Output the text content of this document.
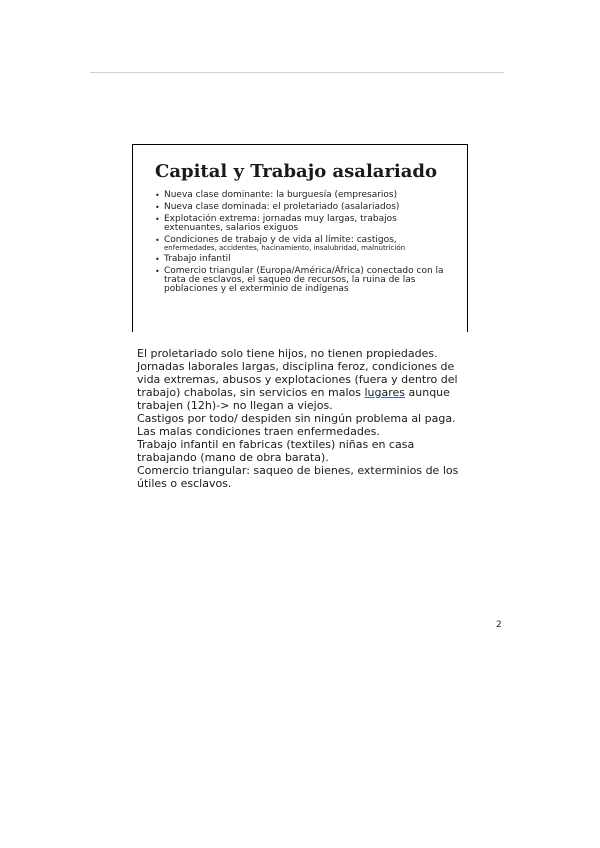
Capital y Trabajo asalariado
• Nueva clase dominante: la burguesía (empresarios)
• Nueva clase dominada: el proletariado (asalariados)
• Explotación extrema: jornadas muy largas, trabajos extenuantes, salarios exiguos
• Condiciones de trabajo y de vida al límite: castigos,
enfermedades, accidentes, hacinamiento, insalubridad, malnutrición
• Trabajo infantil
• Comercio triangular (Europa/América/África) conectado con la trata de esclavos, el saqueo de recursos, la ruina de las poblaciones y el exterminio de indígenas

El proletariado solo tiene hijos, no tienen propiedades.

Jornadas laborales largas, disciplina feroz, condiciones de vida extremas, abusos y explotaciones (fuera y dentro del trabajo) chabolas, sin servicios en malos lugares aunque trabajen (12h)-> no llegan a viejos.

Castigos por todo/ despiden sin ningún problema al paga.

Las malas condiciones traen enfermedades.

Trabajo infantil en fabricas (textiles) niñas en casa trabajando (mano de obra barata).

Comercio triangular: saqueo de bienes, exterminios de los útiles o esclavos.

2
